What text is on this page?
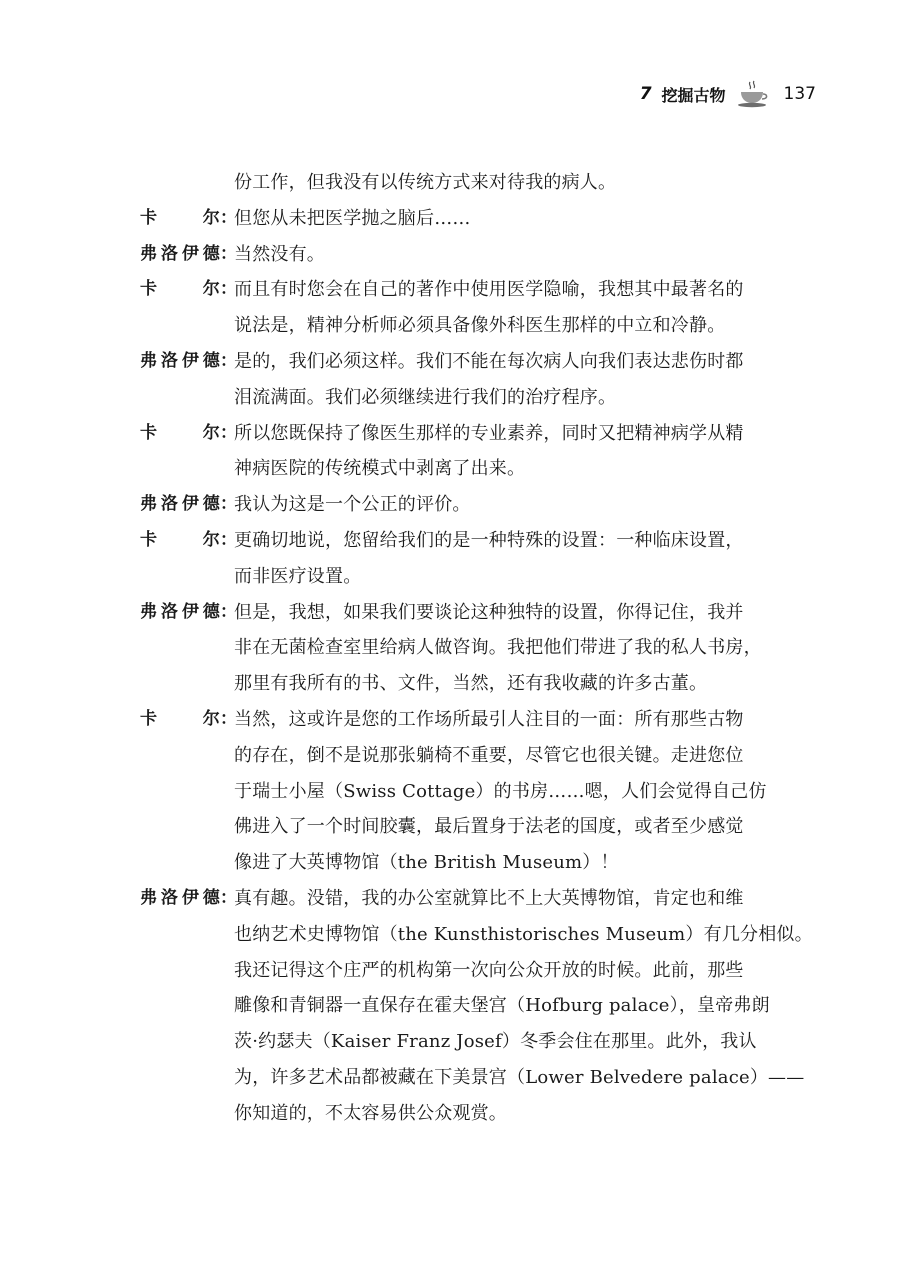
7 挖掘古物	137
份工作，但我没有以传统方式来对待我的病人。
卡　尔：但您从未把医学抛之脑后……
弗洛伊德：当然没有。
卡　尔：而且有时您会在自己的著作中使用医学隐喻，我想其中最著名的
说法是，精神分析师必须具备像外科医生那样的中立和冷静。
弗洛伊德：是的，我们必须这样。我们不能在每次病人向我们表达悲伤时都
泪流满面。我们必须继续进行我们的治疗程序。
卡　尔：所以您既保持了像医生那样的专业素养，同时又把精神病学从精
神病医院的传统模式中剥离了出来。
弗洛伊德：我认为这是一个公正的评价。
卡　尔：更确切地说，您留给我们的是一种特殊的设置：一种临床设置，
而非医疗设置。
弗洛伊德：但是，我想，如果我们要谈论这种独特的设置，你得记住，我并
非在无菌检查室里给病人做咨询。我把他们带进了我的私人书房，
那里有我所有的书、文件，当然，还有我收藏的许多古董。
卡　尔：当然，这或许是您的工作场所最引人注目的一面：所有那些古物
的存在，倒不是说那张躺椅不重要，尽管它也很关键。走进您位
于瑞士小屋（Swiss Cottage）的书房……嗯，人们会觉得自己仿
佛进入了一个时间胶囊，最后置身于法老的国度，或者至少感觉
像进了大英博物馆（the British Museum）！
弗洛伊德：真有趣。没错，我的办公室就算比不上大英博物馆，肯定也和维
也纳艺术史博物馆（the Kunsthistorisches Museum）有几分相似。
我还记得这个庄严的机构第一次向公众开放的时候。此前，那些
雕像和青铜器一直保存在霍夫堡宫（Hofburg palace），皇帝弗朗
茨·约瑟夫（Kaiser Franz Josef）冬季会住在那里。此外，我认
为，许多艺术品都被藏在下美景宫（Lower Belvedere palace）——
你知道的，不太容易供公众观赏。
